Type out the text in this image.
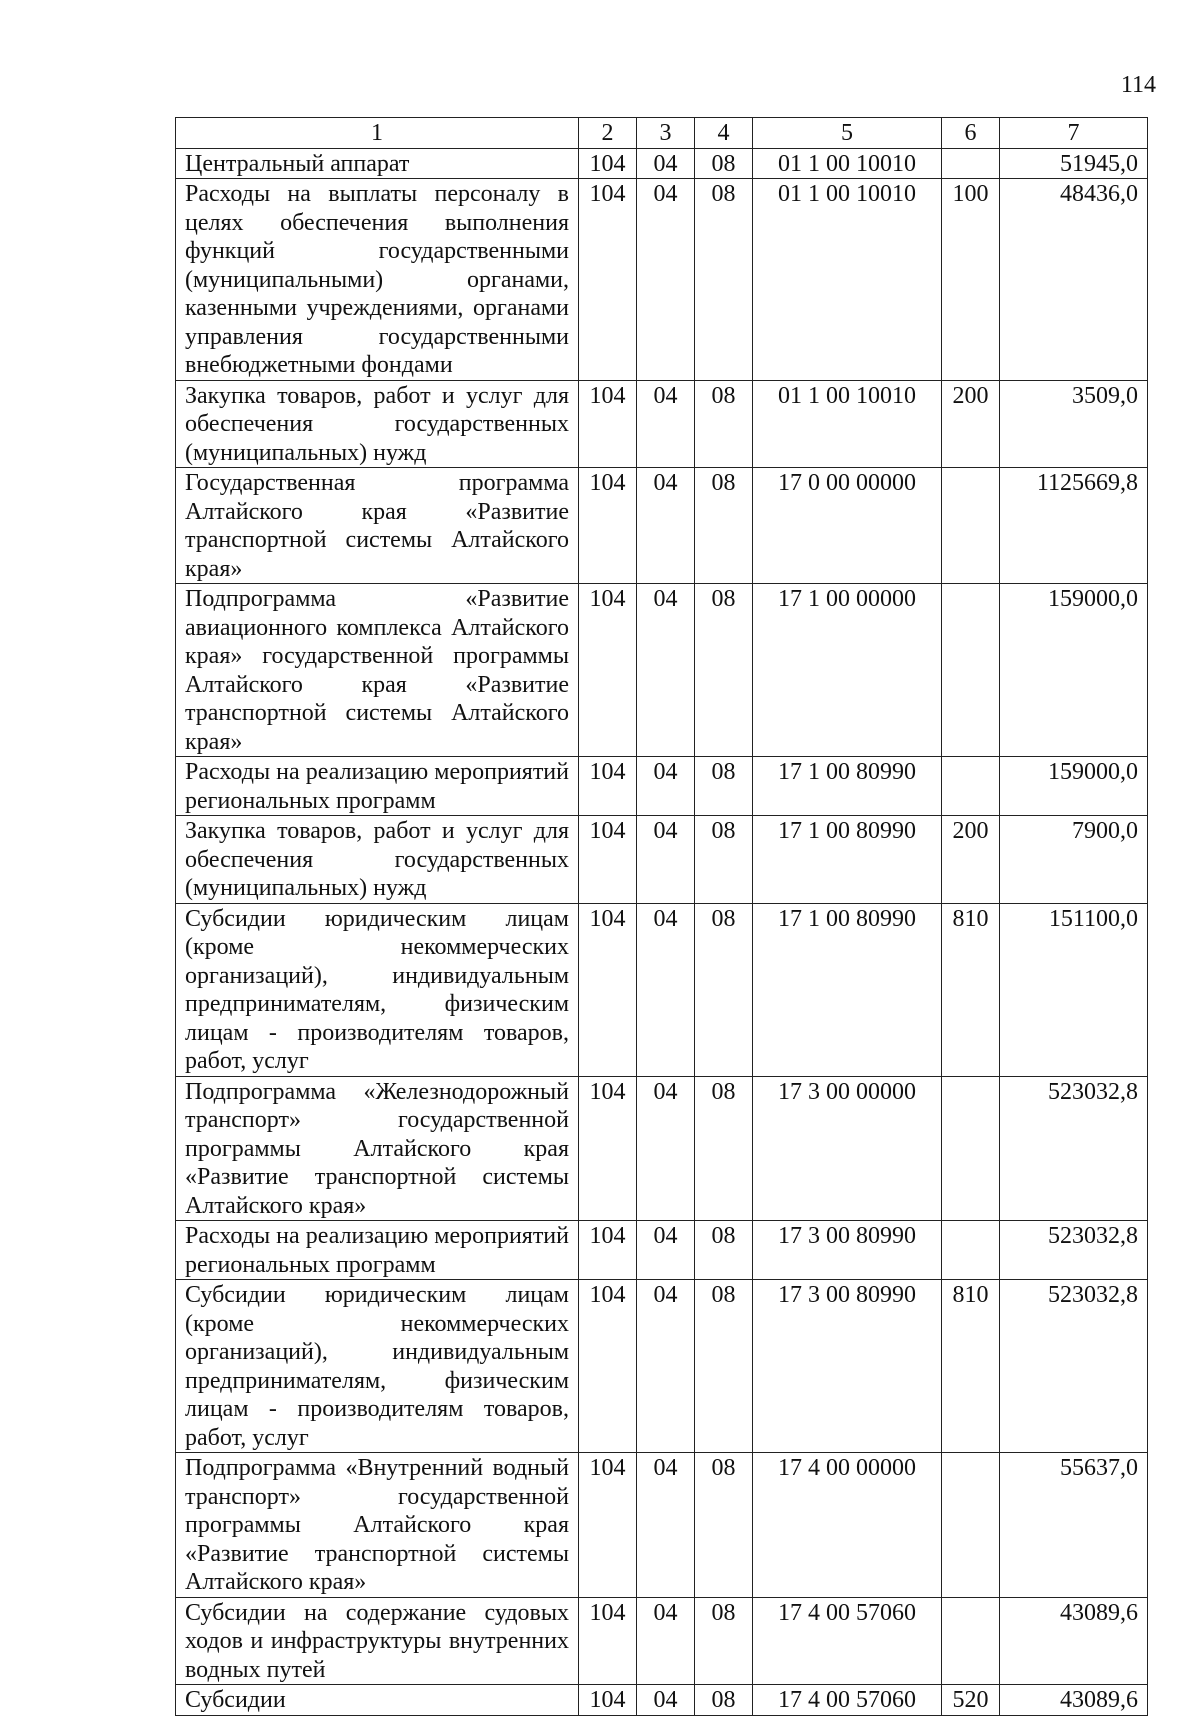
114
1	2	3	4	5	6	7
Центральный аппарат	104	04	08	01 1 00 10010		51945,0
Расходы на выплаты персоналу в целях обеспечения выполнения функций государственными (муниципальными) органами, казенными учреждениями, органами управления государственными внебюджетными фондами	104	04	08	01 1 00 10010	100	48436,0
Закупка товаров, работ и услуг для обеспечения государственных (муниципальных) нужд	104	04	08	01 1 00 10010	200	3509,0
Государственная программа Алтайского края «Развитие транспортной системы Алтайского края»	104	04	08	17 0 00 00000		1125669,8
Подпрограмма «Развитие авиационного комплекса Алтайского края» государственной программы Алтайского края «Развитие транспортной системы Алтайского края»	104	04	08	17 1 00 00000		159000,0
Расходы на реализацию мероприятий региональных программ	104	04	08	17 1 00 80990		159000,0
Закупка товаров, работ и услуг для обеспечения государственных (муниципальных) нужд	104	04	08	17 1 00 80990	200	7900,0
Субсидии юридическим лицам (кроме некоммерческих организаций), индивидуальным предпринимателям, физическим лицам - производителям товаров, работ, услуг	104	04	08	17 1 00 80990	810	151100,0
Подпрограмма «Железнодорожный транспорт» государственной программы Алтайского края «Развитие транспортной системы Алтайского края»	104	04	08	17 3 00 00000		523032,8
Расходы на реализацию мероприятий региональных программ	104	04	08	17 3 00 80990		523032,8
Субсидии юридическим лицам (кроме некоммерческих организаций), индивидуальным предпринимателям, физическим лицам - производителям товаров, работ, услуг	104	04	08	17 3 00 80990	810	523032,8
Подпрограмма «Внутренний водный транспорт» государственной программы Алтайского края «Развитие транспортной системы Алтайского края»	104	04	08	17 4 00 00000		55637,0
Субсидии на содержание судовых ходов и инфраструктуры внутренних водных путей	104	04	08	17 4 00 57060		43089,6
Субсидии	104	04	08	17 4 00 57060	520	43089,6
